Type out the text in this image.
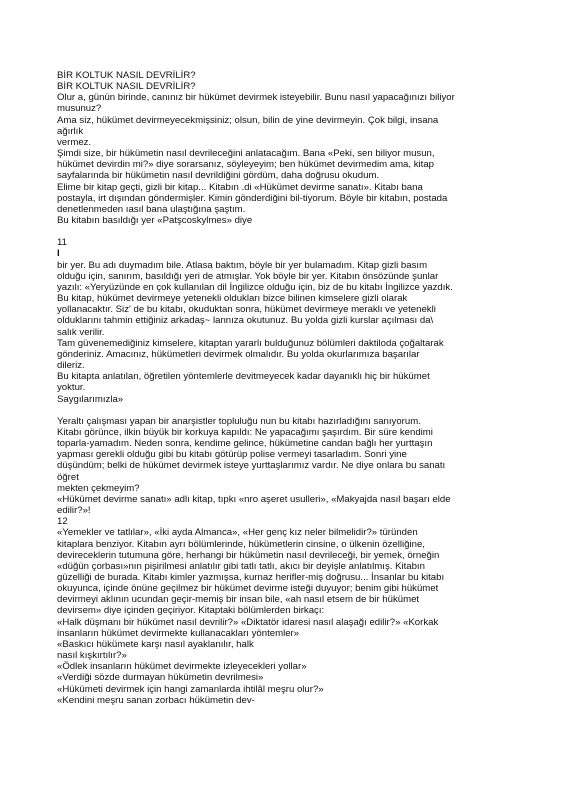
BİR KOLTUK NASIL DEVRİLİR?
BİR KOLTUK NASIL DEVRİLİR?
Olur a, günün birinde, canınız bir hükümet devirmek isteyebilir. Bunu nasıl yapacağınızı biliyor
musunuz?
Ama siz, hükümet devirmeyecekmişsiniz; olsun, bilin de yine devirmeyin. Çok bilgi, insana
ağırlık
vermez.
Şimdi size, bir hükümetin nasıl devrileceğini anlatacağım. Bana «Peki, sen biliyor musun,
hükümet devirdin mi?» diye sorarsanız, söyleyeyim; ben hükümet devirmedim ama, kitap
sayfalarında bir hükümetin nasıl devrildiğini gördüm, daha doğrusu okudum.
Elime bir kitap geçti, gizli bir kitap... Kitabın .di «Hükümet devirme sanatı». Kitabı bana
postayla, irt dışından göndermişler. Kimin gönderdiğini bil-tiyorum. Böyle bir kitabın, postada
denetlenmeden ıasıl bana ulaştığına şaştım.
Bu kitabın basıldığı yer «Patşcoskylmes» diye
11
I
bir yer. Bu adı duymadım bile. Atlasa baktım, böyle bir yer bulamadım. Kitap gizli basım
olduğu için, sanırım, basıldığı yeri de atmışlar. Yok böyle bir yer. Kitabın önsözünde şunlar
yazılı: «Yeryüzünde en çok kullanılan dil İngilizce olduğu için, biz de bu kitabı İngilizce yazdık.
Bu kitap, hükümet devirmeye yetenekli oldukları bizce bilinen kimselere gizli olarak
yollanacaktır. Siz' de bu kitabı, okuduktan sonra, hükümet devirmeye meraklı ve yetenekli
olduklarını tahmin ettiğiniz arkadaş~ lannıza okutunuz. Bu yolda gizli kurslar açılması da\
salık verilir.
Tam güvenemediğiniz kimselere, kitaptan yararlı bulduğunuz bölümleri daktiloda çoğaltarak
gönderiniz. Amacınız, hükümetleri devirmek olmalıdır. Bu yolda okurlarımıza başarılar
dileriz.
Bu kitapta anlatılan, öğretilen yöntemlerle devitmeyecek kadar dayanıklı hiç bir hükümet
yoktur.
Saygılarımızla»
Yeraltı çalışması yapan bir anarşistler topluluğu nun bu kitabı hazırladığını sanıyorum.
Kitabı görünce, ilkin büyük bir korkuya kapıldı: Ne yapacağımı şaşırdım. Bir süre kendimi
toparla-yamadım. Neden sonra, kendime gelince, hükümetine candan bağlı her yurttaşın
yapması gerekli olduğu gibi bu kitabı götürüp polise vermeyi tasarladım. Sonri yine
düşündüm; belki de hükümet devirmek isteye yurttaşlarımız vardır. Ne diye onlara bu sanatı
öğret
mekten çekmeyim?
«Hükümet devirme sanatı» adlı kitap, tıpkı «nro aşeret usulleri», «Makyajda nasıl başarı elde
edilir?»!
12
«Yemekler ve tatlılar», «İki ayda Almanca», «Her genç kız neler bilmelidir?» türünden
kitaplara benziyor. Kitabın ayrı bölümlerinde, hükümetlerin cinsine, o ülkenin özelliğine,
devireceklerin tutumuna göre, herhangi bir hükümetin nasıl devrileceği, bir yemek, örneğin
«düğün çorbası»nın pişirilmesi anlatılır gibi tatlı tatlı, akıcı bir deyişle anlatılmış. Kitabın
güzelliği de burada. Kitabı kimler yazmışsa, kurnaz herifler-miş doğrusu... İnsanlar bu kitabı
okuyunca, içinde önüne geçilmez bir hükümet devirme isteği duyuyor; benim gibi hükümet
devirmeyi aklının ucundan geçir-memiş bir insan bile, «ah nasıl etsem de bir hükümet
devirsem» diye içinden geçiriyor. Kitaptaki bölümlerden birkaçı:
«Halk düşmanı bir hükümet nasıl devrilir?» «Diktatör idaresi nasıl alaşağı edilir?» «Korkak
insanların hükümet devirmekte kullanacakları yöntemler»
«Baskıcı hükümete karşı nasıl ayaklanılır, halk
nasıl kışkırtılır?»
«Ödlek insanların hükümet devirmekte izleyecekleri yollar»
«Verdiği sözde durmayan hükümetin devrilmesi»
«Hükümeti devirmek için hangi zamanlarda ihtilâl meşru olur?»
«Kendini meşru sanan zorbacı hükümetin dev-
